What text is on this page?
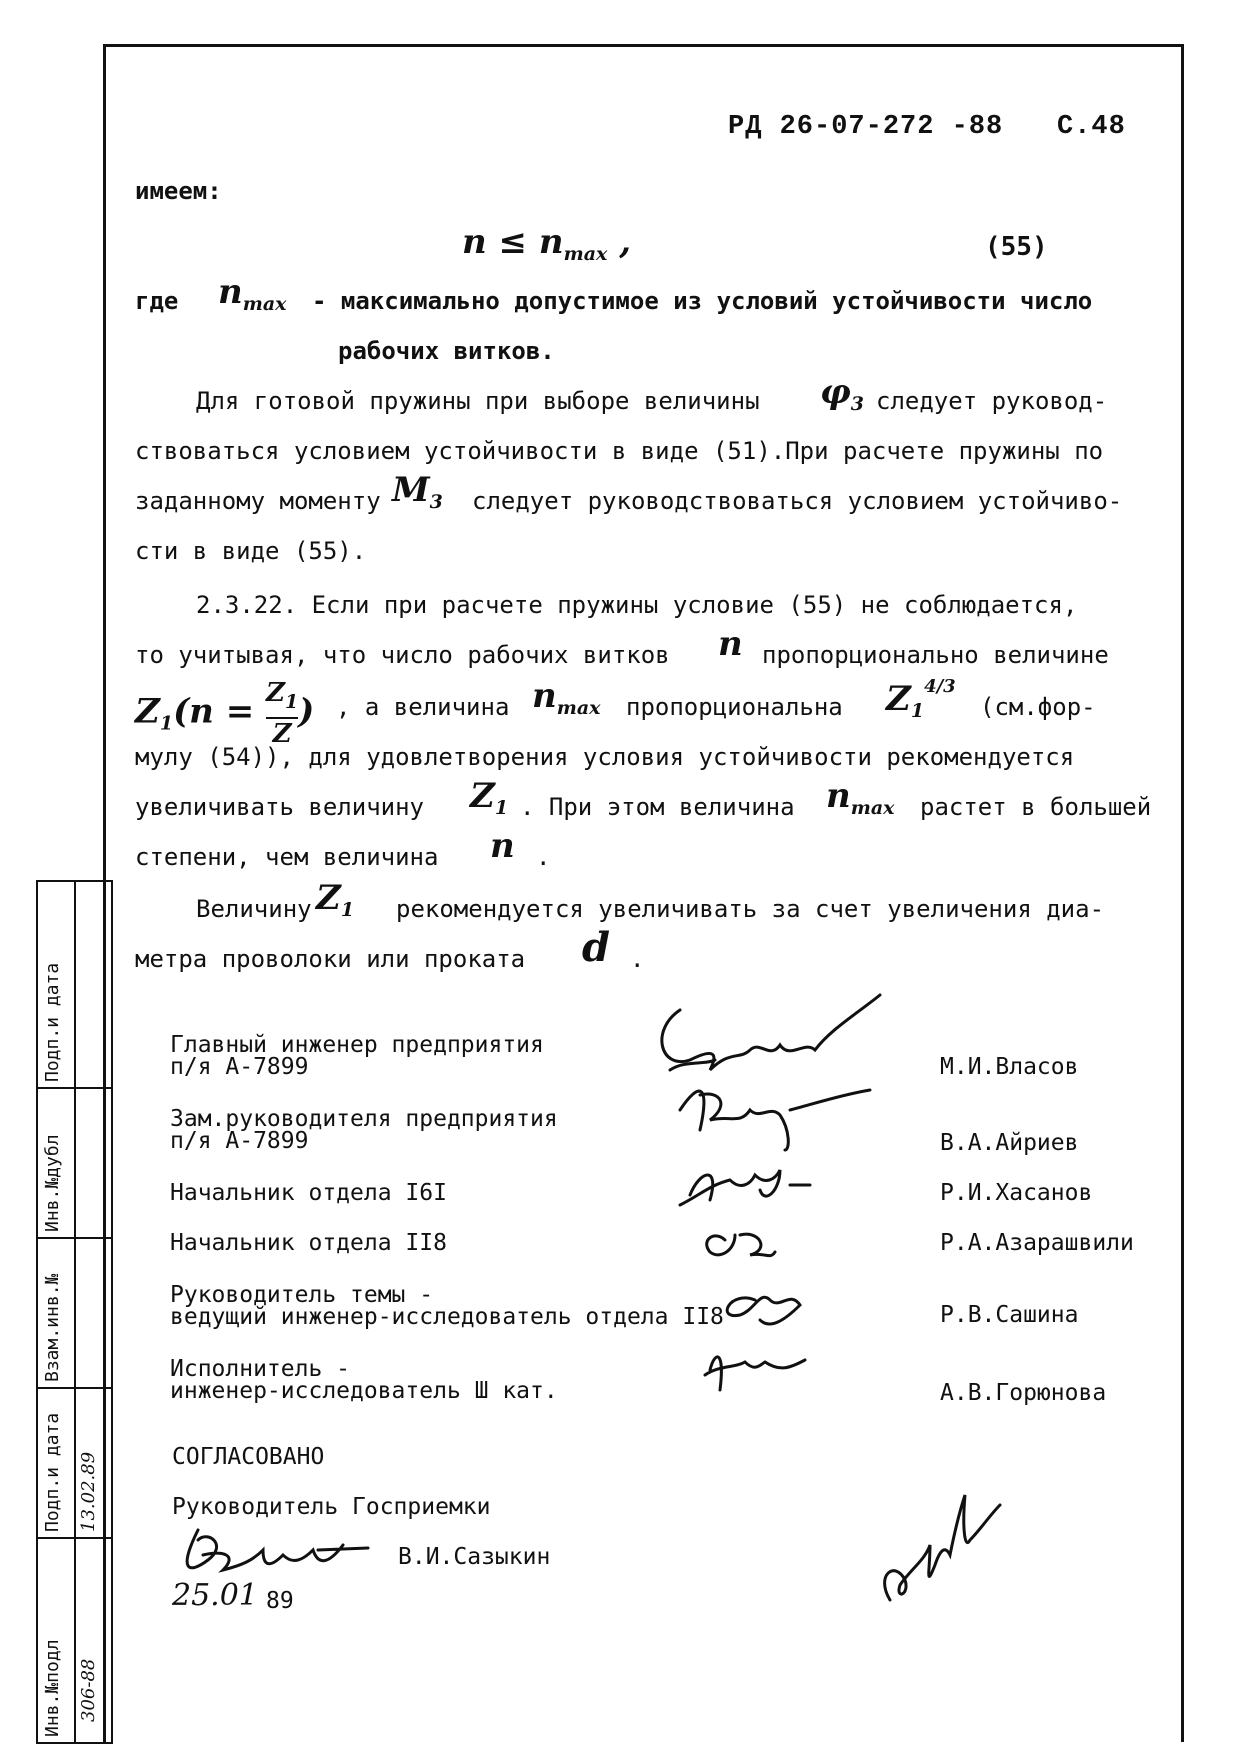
РД 26-07-272 -88 С.48
имеем:
$n \le n_{max}$ ,	(55)
где $n_{max}$ - максимально допустимое из условий устойчивости число
рабочих витков.
Для готовой пружины при выборе величины $\varphi_3$ следует руковод-
ствоваться условием устойчивости в виде (51).При расчете пружины по
заданному моменту $M_3$ следует руководствоваться условием устойчиво-
сти в виде (55).
2.3.22. Если при расчете пружины условие (55) не соблюдается,
то учитывая, что число рабочих витков n пропорционально величине
$Z_1(n = \frac{Z_1}{Z}$ ) , а величина $n_{max}$ пропорциональна $Z_1^{4/3}$
(см.фор-
мулу (54)), для удовлетворения условия устойчивости рекомендуется
увеличивать величину $Z_1$ . При этом величина $n_{max}$ растет в большей
степени, чем величина n .
Величину $Z_1$ рекомендуется увеличивать за счет увеличения диа-
метра проволоки или проката d .
Главный инженер предприятия
п/я А-7899	М.И.Власов
Зам.руководителя предприятия
п/я А-7899	В.А.Айриев
Начальник отдела I6I	Р.И.Хасанов
Начальник отдела II8	Р.А.Азарашвили
Руководитель темы -
ведущий инженер-исследователь отдела II8	Р.В.Сашина
Исполнитель -
инженер-исследователь Ш кат.	А.В.Горюнова
СОГЛАСОВАНО
Руководитель Госприемки
В.И.Сазыкин
25.01 89
Подп.и дата
Инв.№дубл
Взам.инв.№
Подп.и дата
Инв.№подл
13.02.89
306-88
